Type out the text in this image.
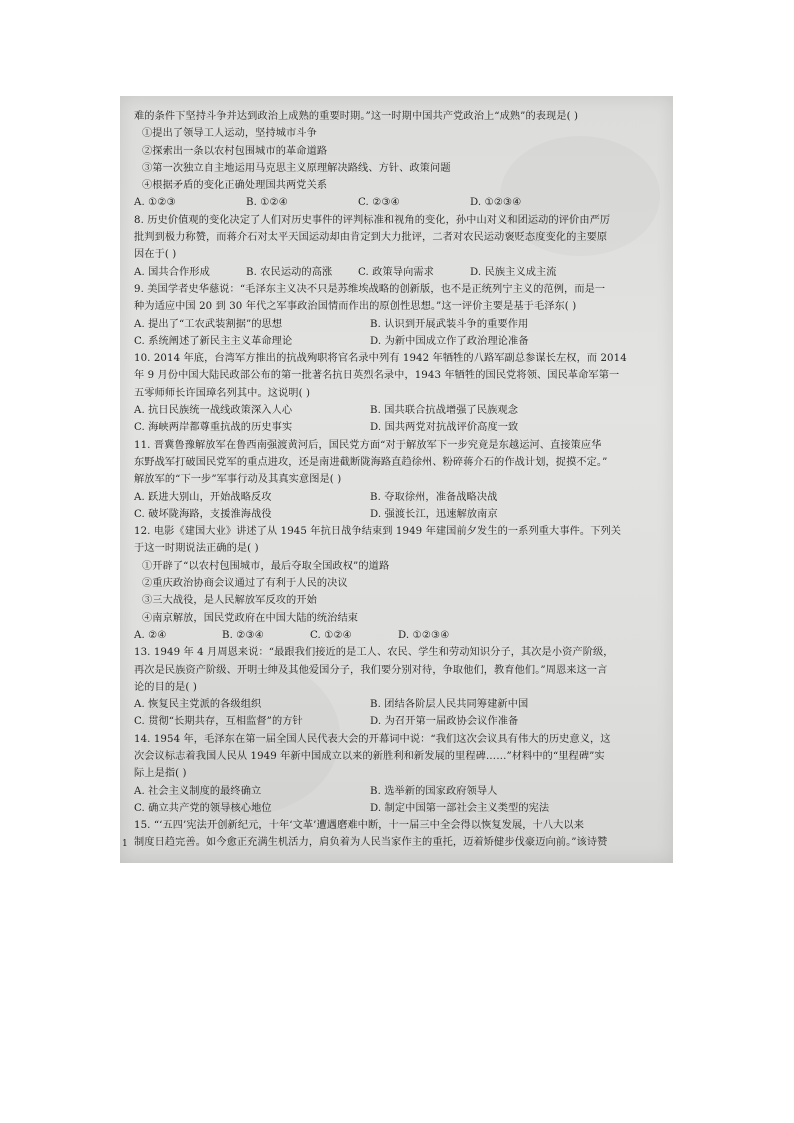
难的条件下坚持斗争并达到政治上成熟的重要时期。”这一时期中国共产党政治上“成熟”的表现是( )
①提出了领导工人运动，坚持城市斗争
②探索出一条以农村包围城市的革命道路
③第一次独立自主地运用马克思主义原理解决路线、方针、政策问题
④根据矛盾的变化正确处理国共两党关系
A. ①②③	B. ①②④	C. ②③④	D. ①②③④
8. 历史价值观的变化决定了人们对历史事件的评判标准和视角的变化，孙中山对义和团运动的评价由严厉
批判到极力称赞，而蒋介石对太平天国运动却由肯定到大力批评，二者对农民运动褒贬态度变化的主要原
因在于( )
A. 国共合作形成	B. 农民运动的高涨	C. 政策导向需求	D. 民族主义成主流
9. 美国学者史华慈说：“毛泽东主义决不只是苏维埃战略的创新版，也不是正统列宁主义的范例，而是一
种为适应中国 20 到 30 年代之军事政治国情而作出的原创性思想。”这一评价主要是基于毛泽东( )
A. 提出了“工农武装割据”的思想	B. 认识到开展武装斗争的重要作用
C. 系统阐述了新民主主义革命理论	D. 为新中国成立作了政治理论准备
10. 2014 年底，台湾军方推出的抗战殉职将官名录中列有 1942 年牺牲的八路军副总参谋长左权，而 2014
年 9 月份中国大陆民政部公布的第一批著名抗日英烈名录中，1943 年牺牲的国民党将领、国民革命军第一
五零师师长许国璋名列其中。这说明( )
A. 抗日民族统一战线政策深入人心	B. 国共联合抗战增强了民族观念
C. 海峡两岸都尊重抗战的历史事实	D. 国共两党对抗战评价高度一致
11. 晋冀鲁豫解放军在鲁西南强渡黄河后，国民党方面“对于解放军下一步究竟是东越运河、直接策应华
东野战军打破国民党军的重点进攻，还是南进截断陇海路直趋徐州、粉碎蒋介石的作战计划，捉摸不定。”
解放军的“下一步”军事行动及其真实意图是( )
A. 跃进大别山，开始战略反攻	B. 夺取徐州，准备战略决战
C. 破坏陇海路，支援淮海战役	D. 强渡长江，迅速解放南京
12. 电影《建国大业》讲述了从 1945 年抗日战争结束到 1949 年建国前夕发生的一系列重大事件。下列关
于这一时期说法正确的是( )
①开辟了“以农村包围城市，最后夺取全国政权”的道路
②重庆政治协商会议通过了有利于人民的决议
③三大战役，是人民解放军反攻的开始
④南京解放，国民党政府在中国大陆的统治结束
A. ②④	B. ②③④	C. ①②④	D. ①②③④
13. 1949 年 4 月周恩来说：“最跟我们接近的是工人、农民、学生和劳动知识分子，其次是小资产阶级，
再次是民族资产阶级、开明士绅及其他爱国分子，我们要分别对待，争取他们，教育他们。”周恩来这一言
论的目的是( )
A. 恢复民主党派的各级组织	B. 团结各阶层人民共同筹建新中国
C. 贯彻“长期共存，互相监督”的方针	D. 为召开第一届政协会议作准备
14. 1954 年，毛泽东在第一届全国人民代表大会的开幕词中说：“我们这次会议具有伟大的历史意义，这
次会议标志着我国人民从 1949 年新中国成立以来的新胜利和新发展的里程碑……”材料中的“里程碑”实
际上是指( )
A. 社会主义制度的最终确立	B. 选举新的国家政府领导人
C. 确立共产党的领导核心地位	D. 制定中国第一部社会主义类型的宪法
15. “‘五四’宪法开创新纪元，十年‘文革’遭遇磨难中断，十一届三中全会得以恢复发展，十八大以来
制度日趋完善。如今愈正充满生机活力，肩负着为人民当家作主的重托，迈着矫健步伐豪迈向前。”该诗赞
1
